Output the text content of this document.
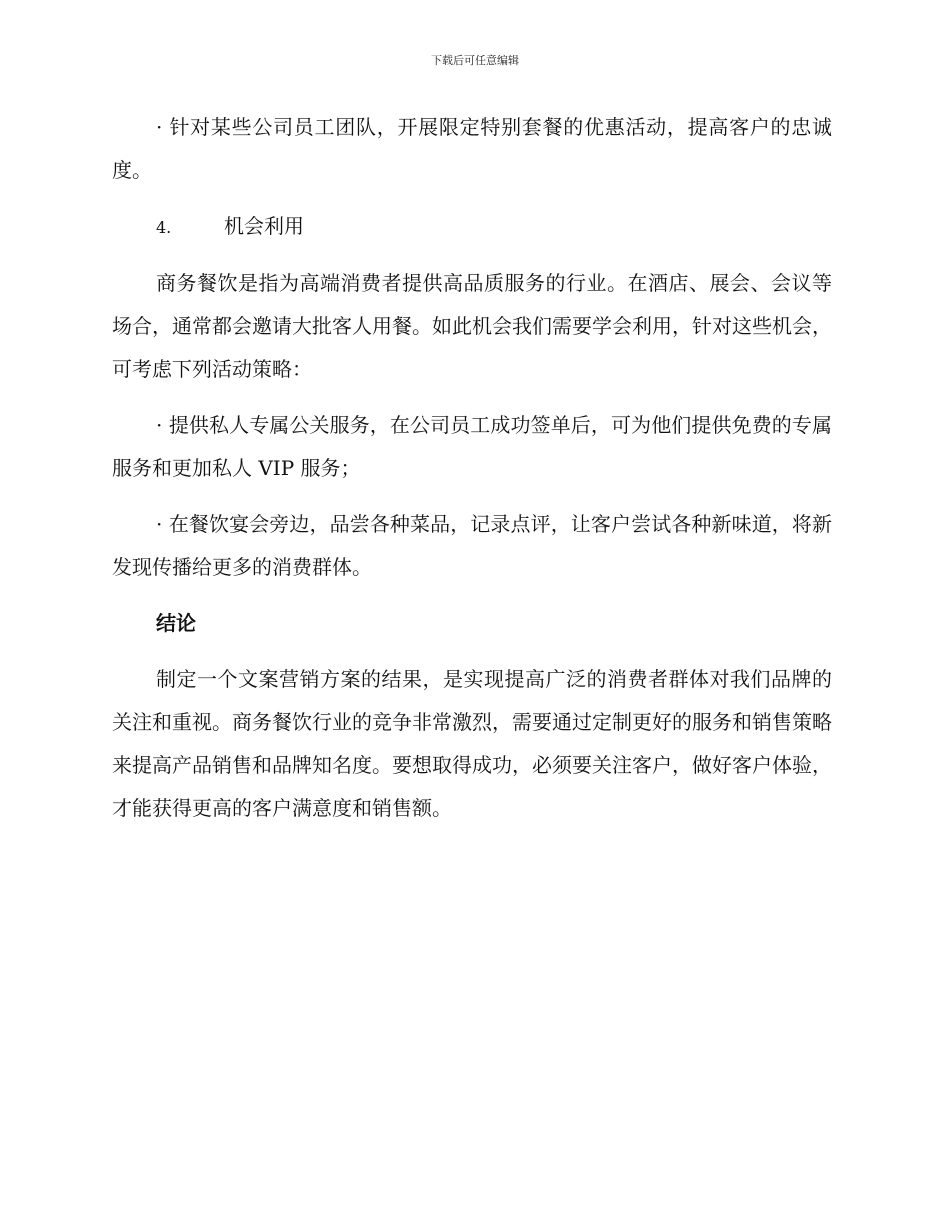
下载后可任意编辑

· 针对某些公司员工团队，开展限定特别套餐的优惠活动，提高客户的忠诚度。

4.	机会利用

商务餐饮是指为高端消费者提供高品质服务的行业。在酒店、展会、会议等场合，通常都会邀请大批客人用餐。如此机会我们需要学会利用，针对这些机会，可考虑下列活动策略：

· 提供私人专属公关服务，在公司员工成功签单后，可为他们提供免费的专属服务和更加私人 VIP 服务；

· 在餐饮宴会旁边，品尝各种菜品，记录点评，让客户尝试各种新味道，将新发现传播给更多的消费群体。

结论

制定一个文案营销方案的结果，是实现提高广泛的消费者群体对我们品牌的关注和重视。商务餐饮行业的竞争非常激烈，需要通过定制更好的服务和销售策略来提高产品销售和品牌知名度。要想取得成功，必须要关注客户，做好客户体验，才能获得更高的客户满意度和销售额。
